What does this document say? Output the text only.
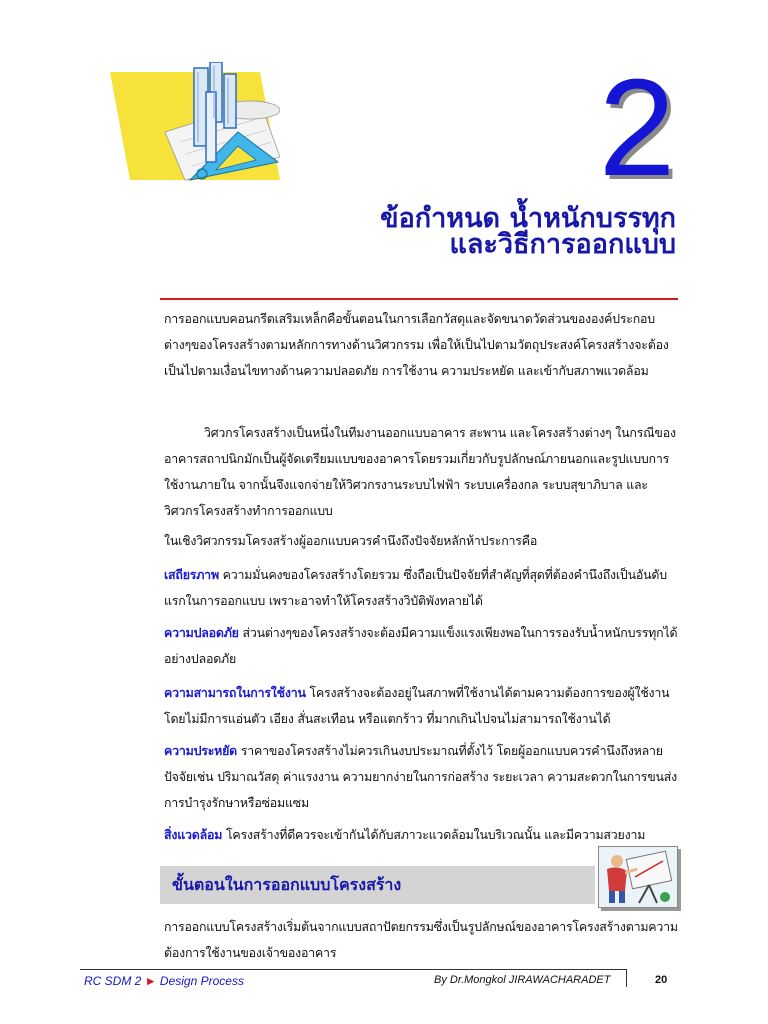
2
ข้อกำหนด น้ำหนักบรรทุก
และวิธีการออกแบบ

การออกแบบคอนกรีตเสริมเหล็กคือขั้นตอนในการเลือกวัสดุและจัดขนาดวัดส่วนขององค์ประกอบต่างๆของโครงสร้างตามหลักการทางด้านวิศวกรรม เพื่อให้เป็นไปตามวัตถุประสงค์โครงสร้างจะต้องเป็นไปตามเงื่อนไขทางด้านความปลอดภัย การใช้งาน ความประหยัด และเข้ากับสภาพแวดล้อม

วิศวกรโครงสร้างเป็นหนึ่งในทีมงานออกแบบอาคาร สะพาน และโครงสร้างต่างๆ ในกรณีของอาคารสถาปนิกมักเป็นผู้จัดเตรียมแบบของอาคารโดยรวมเกี่ยวกับรูปลักษณ์ภายนอกและรูปแบบการใช้งานภายใน จากนั้นจึงแจกจ่ายให้วิศวกรงานระบบไฟฟ้า ระบบเครื่องกล ระบบสุขาภิบาล และวิศวกรโครงสร้างทำการออกแบบ

ในเชิงวิศวกรรมโครงสร้างผู้ออกแบบควรคำนึงถึงปัจจัยหลักห้าประการคือ

เสถียรภาพ ความมั่นคงของโครงสร้างโดยรวม ซึ่งถือเป็นปัจจัยที่สำคัญที่สุดที่ต้องคำนึงถึงเป็นอันดับแรกในการออกแบบ เพราะอาจทำให้โครงสร้างวิบัติพังทลายได้

ความปลอดภัย ส่วนต่างๆของโครงสร้างจะต้องมีความแข็งแรงเพียงพอในการรองรับน้ำหนักบรรทุกได้อย่างปลอดภัย

ความสามารถในการใช้งาน โครงสร้างจะต้องอยู่ในสภาพที่ใช้งานได้ตามความต้องการของผู้ใช้งานโดยไม่มีการแอ่นตัว เอียง สั่นสะเทือน หรือแตกร้าว ที่มากเกินไปจนไม่สามารถใช้งานได้

ความประหยัด ราคาของโครงสร้างไม่ควรเกินงบประมาณที่ตั้งไว้ โดยผู้ออกแบบควรคำนึงถึงหลายปัจจัยเช่น ปริมาณวัสดุ ค่าแรงงาน ความยากง่ายในการก่อสร้าง ระยะเวลา ความสะดวกในการขนส่ง การบำรุงรักษาหรือซ่อมแซม

สิ่งแวดล้อม โครงสร้างที่ดีควรจะเข้ากันได้กับสภาวะแวดล้อมในบริเวณนั้น และมีความสวยงาม

ขั้นตอนในการออกแบบโครงสร้าง

การออกแบบโครงสร้างเริ่มต้นจากแบบสถาปัตยกรรมซึ่งเป็นรูปลักษณ์ของอาคารโครงสร้างตามความต้องการใช้งานของเจ้าของอาคาร

RC SDM 2 ► Design Process	By Dr.Mongkol JIRAWACHARADET	20
